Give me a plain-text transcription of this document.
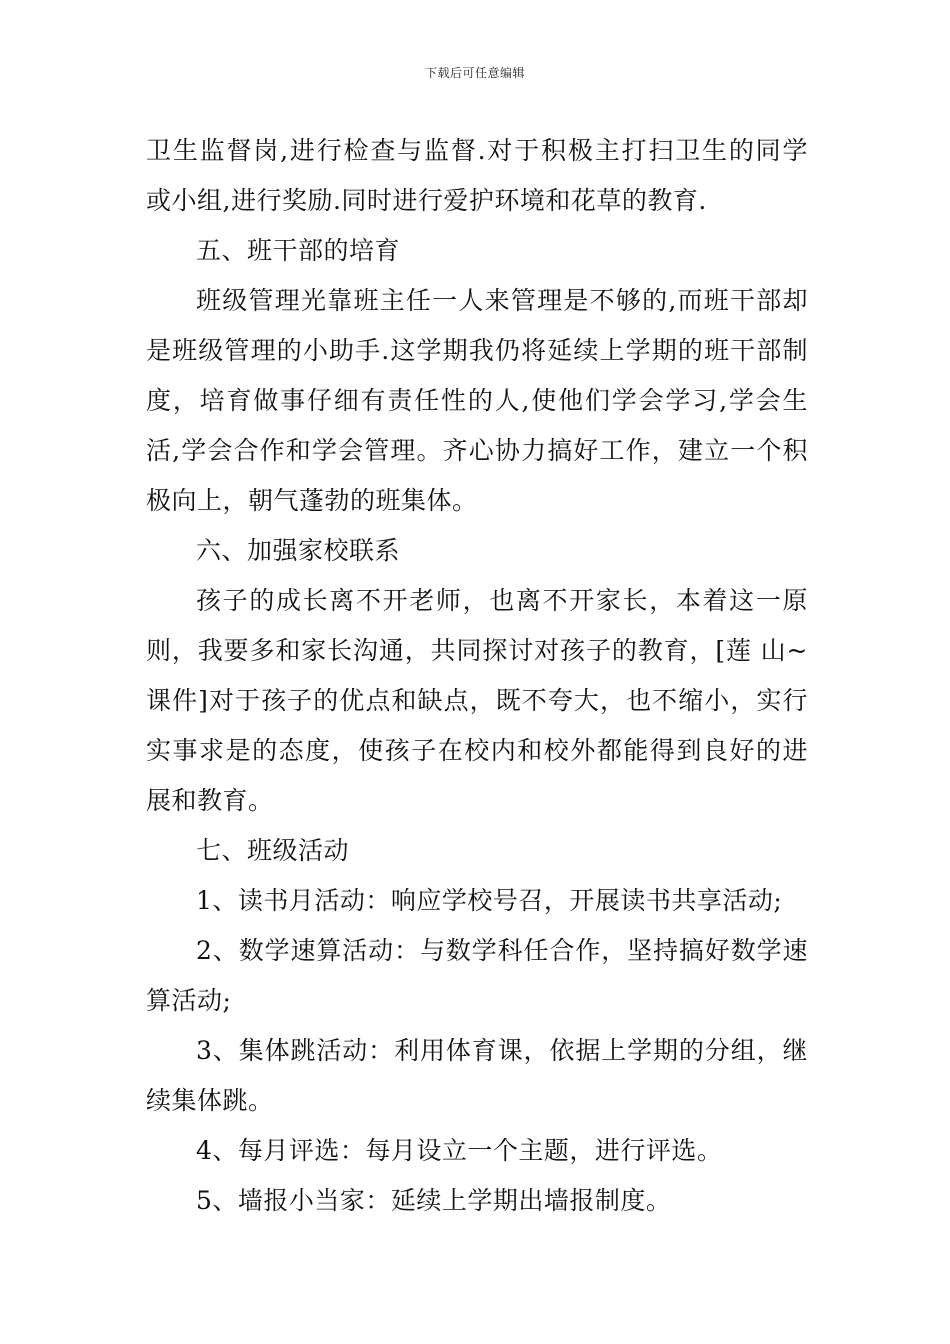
下载后可任意编辑
卫生监督岗,进行检查与监督.对于积极主打扫卫生的同学
或小组,进行奖励.同时进行爱护环境和花草的教育.
五、班干部的培育
班级管理光靠班主任一人来管理是不够的,而班干部却
是班级管理的小助手.这学期我仍将延续上学期的班干部制
度，培育做事仔细有责任性的人,使他们学会学习,学会生
活,学会合作和学会管理。齐心协力搞好工作，建立一个积
极向上，朝气蓬勃的班集体。
六、加强家校联系
孩子的成长离不开老师，也离不开家长，本着这一原
则，我要多和家长沟通，共同探讨对孩子的教育，[莲 山~
课件]对于孩子的优点和缺点，既不夸大，也不缩小，实行
实事求是的态度，使孩子在校内和校外都能得到良好的进
展和教育。
七、班级活动
1、读书月活动：响应学校号召，开展读书共享活动;
2、数学速算活动：与数学科任合作，坚持搞好数学速
算活动;
3、集体跳活动：利用体育课，依据上学期的分组，继
续集体跳。
4、每月评选：每月设立一个主题，进行评选。
5、墙报小当家：延续上学期出墙报制度。
